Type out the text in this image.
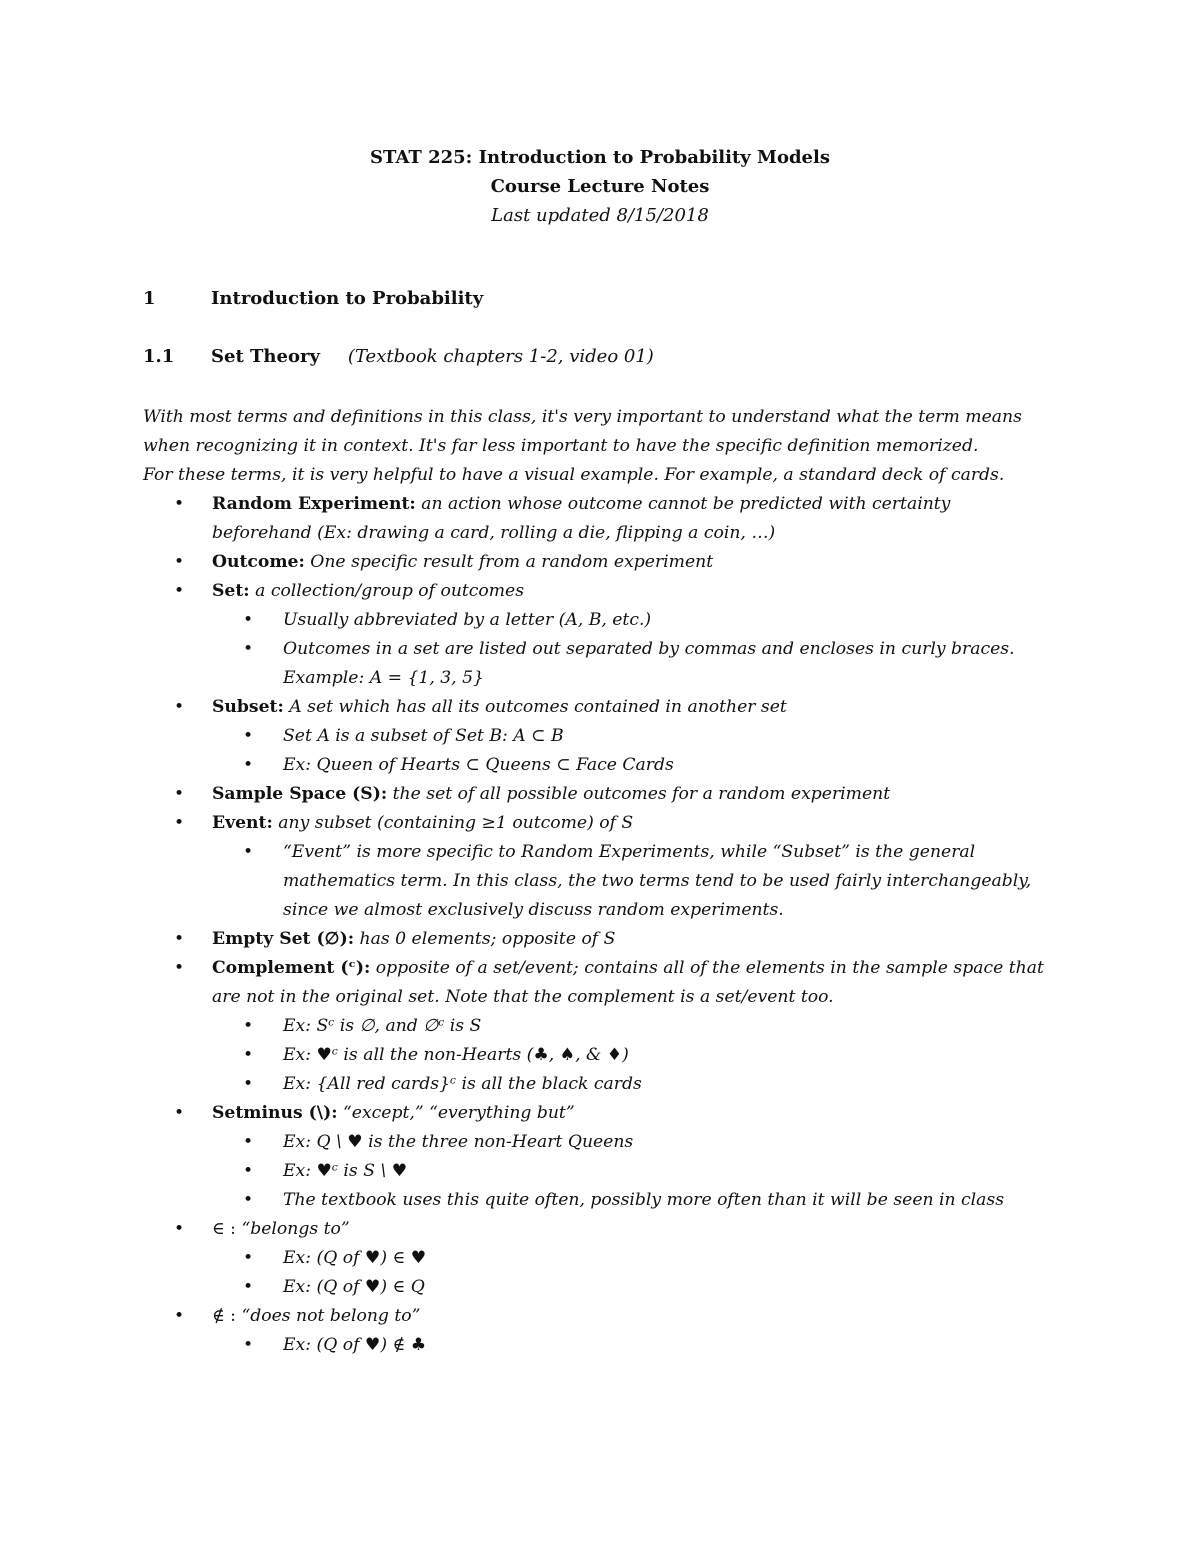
STAT 225: Introduction to Probability Models
Course Lecture Notes
Last updated 8/15/2018
1	Introduction to Probability
1.1 Set Theory (Textbook chapters 1-2, video 01)

With most terms and definitions in this class, it's very important to understand what the term means

when recognizing it in context. It's far less important to have the specific definition memorized.

For these terms, it is very helpful to have a visual example. For example, a standard deck of cards.

• Random Experiment: an action whose outcome cannot be predicted with certainty
beforehand (Ex: drawing a card, rolling a die, flipping a coin, …)
• Outcome: One specific result from a random experiment
• Set: a collection/group of outcomes
• Usually abbreviated by a letter (A, B, etc.)
• Outcomes in a set are listed out separated by commas and encloses in curly braces.
Example: A = {1, 3, 5}
• Subset: A set which has all its outcomes contained in another set
• Set A is a subset of Set B: A ⊂ B
• Ex: Queen of Hearts ⊂ Queens ⊂ Face Cards
• Sample Space (S): the set of all possible outcomes for a random experiment
• Event: any subset (containing ≥1 outcome) of S
• “Event” is more specific to Random Experiments, while “Subset” is the general
mathematics term. In this class, the two terms tend to be used fairly interchangeably,
since we almost exclusively discuss random experiments.
• Empty Set (∅): has 0 elements; opposite of S
• Complement (ᶜ): opposite of a set/event; contains all of the elements in the sample space that
are not in the original set. Note that the complement is a set/event too.
• Ex: Sᶜ is ∅, and ∅ᶜ is S
• Ex: ♥ᶜ is all the non-Hearts (♣, ♠, & ♦)
• Ex: {All red cards}ᶜ is all the black cards
• Setminus (\): “except,” “everything but”
• Ex: Q \ ♥ is the three non-Heart Queens
• Ex: ♥ᶜ is S \ ♥
• The textbook uses this quite often, possibly more often than it will be seen in class
• ∈ : “belongs to”
• Ex: (Q of ♥) ∈ ♥
• Ex: (Q of ♥) ∈ Q
• ∉ : “does not belong to”
• Ex: (Q of ♥) ∉ ♣
